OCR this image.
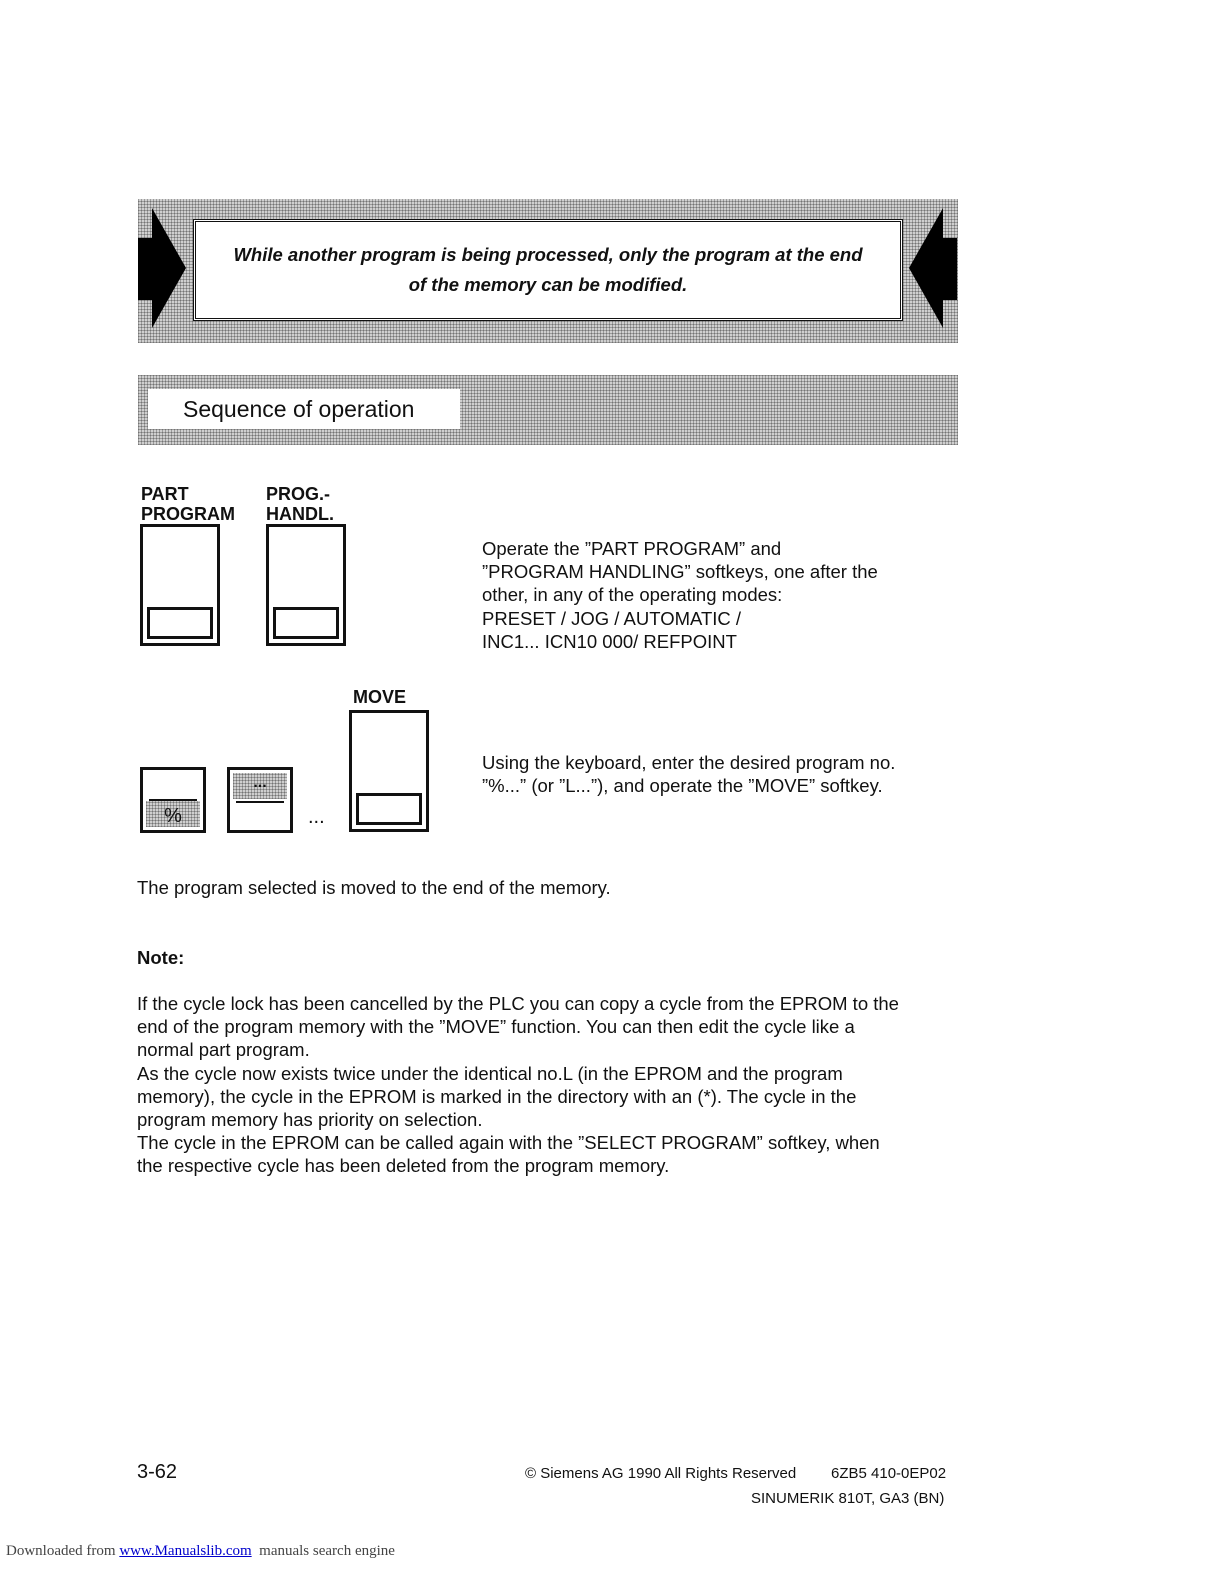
While another program is being processed, only the program at the end
of the memory can be modified.
Sequence of operation
PART
PROGRAM
PROG.-
HANDL.
Operate the ”PART PROGRAM” and
”PROGRAM HANDLING” softkeys, one after the
other, in any of the operating modes:
PRESET / JOG / AUTOMATIC /
INC1... ICN10 000/ REFPOINT
MOVE
%
...
...
Using the keyboard, enter the desired program no.
”%...” (or ”L...”), and operate the ”MOVE” softkey.
The program selected is moved to the end of the memory.
Note:
If the cycle lock has been cancelled by the PLC you can copy a cycle from the EPROM to the
end of the program memory with the ”MOVE” function. You can then edit the cycle like a
normal part program.
As the cycle now exists twice under the identical no.L (in the EPROM and the program
memory), the cycle in the EPROM is marked in the directory with an (*). The cycle in the
program memory has priority on selection.
The cycle in the EPROM can be called again with the ”SELECT PROGRAM” softkey, when
the respective cycle has been deleted from the program memory.
3-62	© Siemens AG 1990 All Rights Reserved 6ZB5 410-0EP02
SINUMERIK 810T, GA3 (BN)
Downloaded from www.Manualslib.com  manuals search engine
